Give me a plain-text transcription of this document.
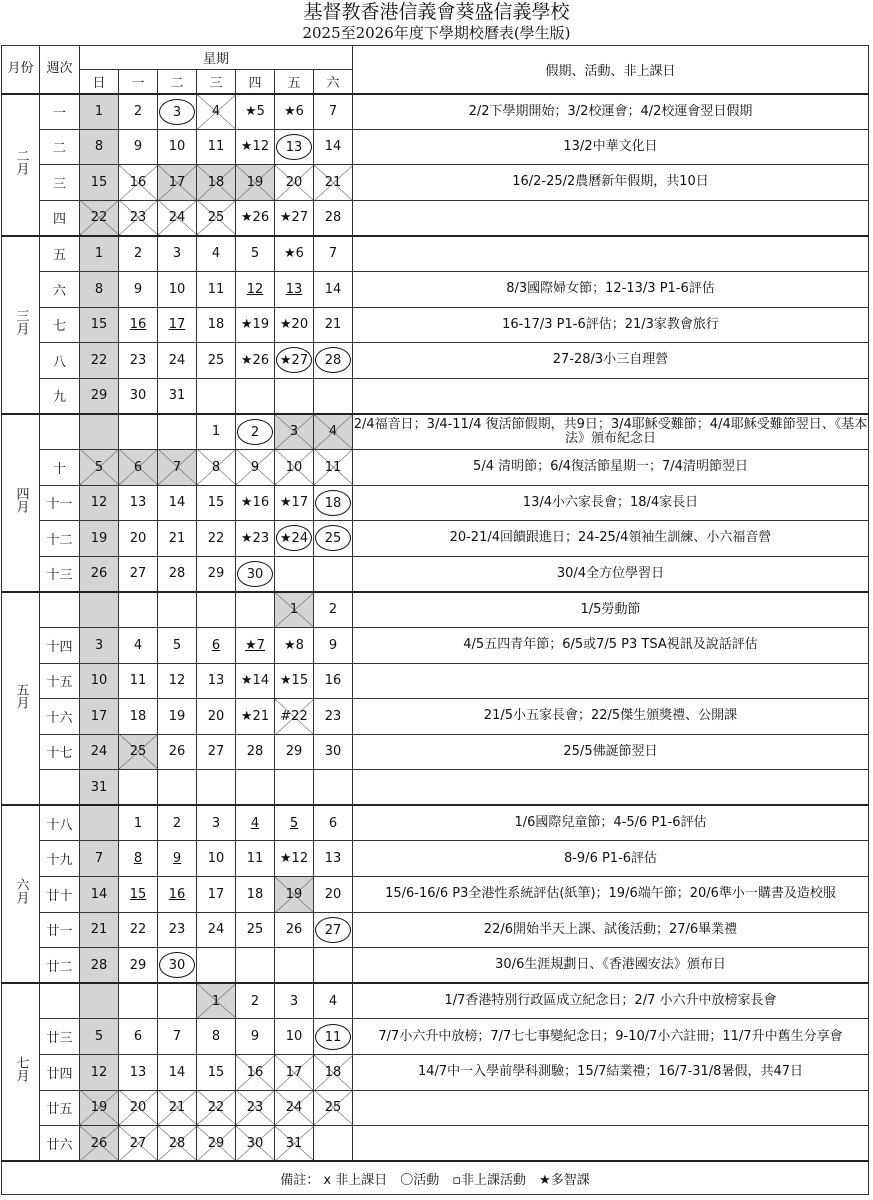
基督教香港信義會葵盛信義學校
2025至2026年度下學期校曆表(學生版)
月份	週次	星期							假期、活動、非上課日
		日	一	二	三	四	五	六	
二月	一	1	2	3	4	★5	★6	7	2/2下學期開始；3/2校運會；4/2校運會翌日假期
	二	8	9	10	11	★12	13	14	13/2中華文化日
	三	15	16	17	18	19	20	21	16/2-25/2農曆新年假期，共10日
	四	22	23	24	25	★26	★27	28	
三月	五	1	2	3	4	5	★6	7	
	六	8	9	10	11	12	13	14	8/3國際婦女節；12-13/3 P1-6評估
	七	15	16	17	18	★19	★20	21	16-17/3 P1-6評估；21/3家教會旅行
	八	22	23	24	25	★26	★27	28	27-28/3小三自理營
	九	29	30	31					
四月					1	2	3	4	2/4福音日；3/4-11/4 復活節假期，共9日；3/4耶穌受難節；4/4耶穌受難節翌日、《基本法》頒布紀念日
	十	5	6	7	8	9	10	11	5/4 清明節；6/4復活節星期一；7/4清明節翌日
	十一	12	13	14	15	★16	★17	18	13/4小六家長會；18/4家長日
	十二	19	20	21	22	★23	★24	25	20-21/4回饋跟進日；24-25/4領袖生訓練、小六福音營
	十三	26	27	28	29	30			30/4全方位學習日
五月							1	2	1/5勞動節
	十四	3	4	5	6	★7	★8	9	4/5五四青年節；6/5或7/5 P3 TSA視訊及說話評估
	十五	10	11	12	13	★14	★15	16	
	十六	17	18	19	20	★21	#22	23	21/5小五家長會；22/5傑生頒獎禮、公開課
	十七	24	25	26	27	28	29	30	25/5佛誕節翌日
		31							
六月	十八		1	2	3	4	5	6	1/6國際兒童節；4-5/6 P1-6評估
	十九	7	8	9	10	11	★12	13	8-9/6 P1-6評估
	廿十	14	15	16	17	18	19	20	15/6-16/6 P3全港性系統評估(紙筆)；19/6端午節；20/6準小一購書及造校服
	廿一	21	22	23	24	25	26	27	22/6開始半天上課、試後活動；27/6畢業禮
	廿二	28	29	30					30/6生涯規劃日、《香港國安法》頒布日
七月					1	2	3	4	1/7香港特別行政區成立紀念日；2/7 小六升中放榜家長會
	廿三	5	6	7	8	9	10	11	7/7小六升中放榜；7/7七七事變紀念日；9-10/7小六註冊；11/7升中舊生分享會
	廿四	12	13	14	15	16	17	18	14/7中一入學前學科測驗；15/7結業禮；16/7-31/8暑假，共47日
	廿五	19	20	21	22	23	24	25	
	廿六	26	27	28	29	30	31		
備註： x 非上課日　〇活動　▫非上課活動　★多智課									
